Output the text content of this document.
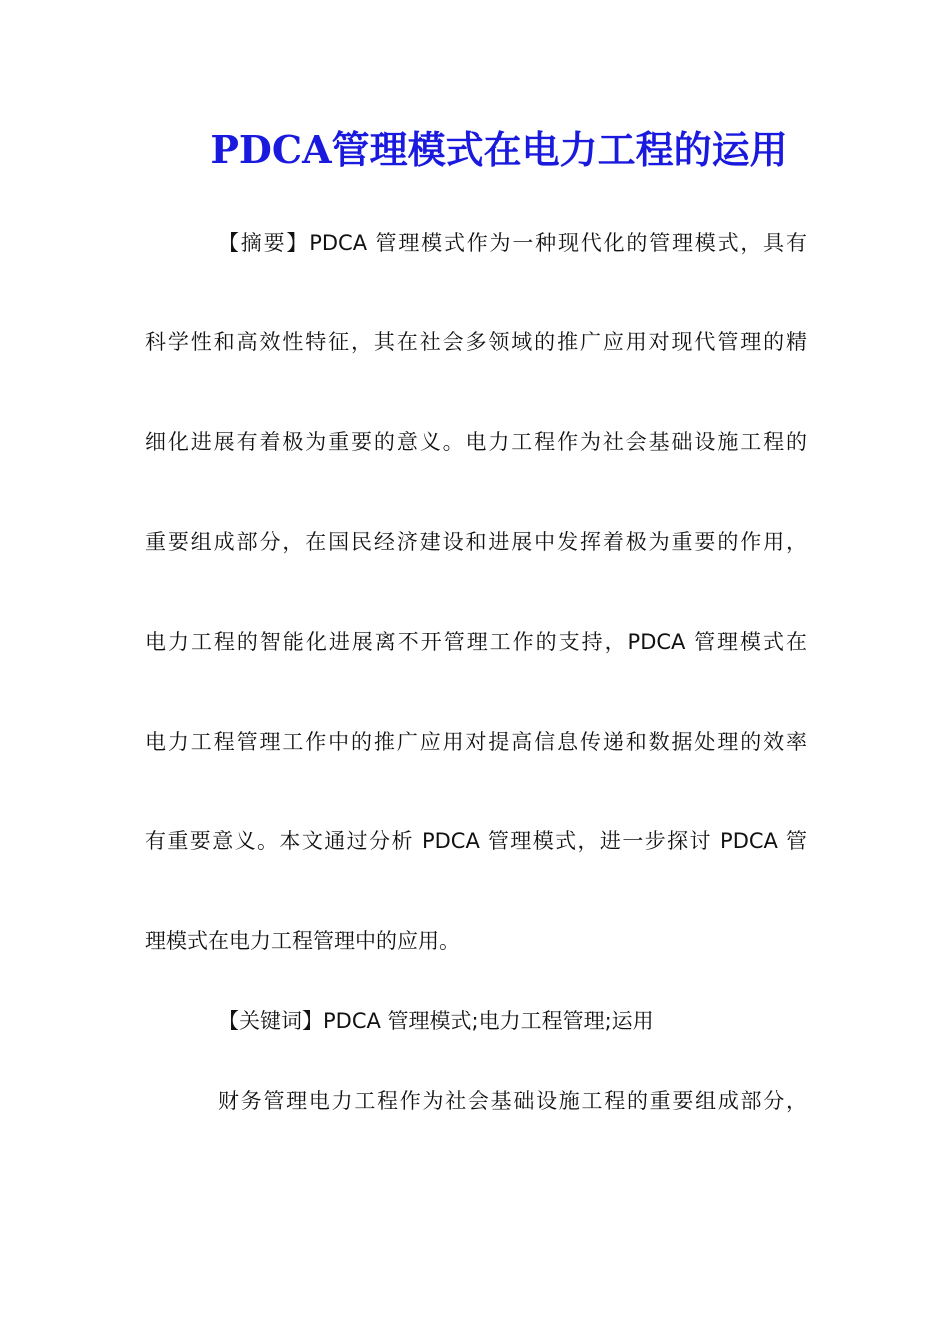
PDCA管理模式在电力工程的运用
【摘要】PDCA 管理模式作为一种现代化的管理模式，具有
科学性和高效性特征，其在社会多领域的推广应用对现代管理的精
细化进展有着极为重要的意义。电力工程作为社会基础设施工程的
重要组成部分，在国民经济建设和进展中发挥着极为重要的作用，
电力工程的智能化进展离不开管理工作的支持，PDCA 管理模式在
电力工程管理工作中的推广应用对提高信息传递和数据处理的效率
有重要意义。本文通过分析 PDCA 管理模式，进一步探讨 PDCA 管
理模式在电力工程管理中的应用。
【关键词】PDCA 管理模式;电力工程管理;运用
财务管理电力工程作为社会基础设施工程的重要组成部分，
